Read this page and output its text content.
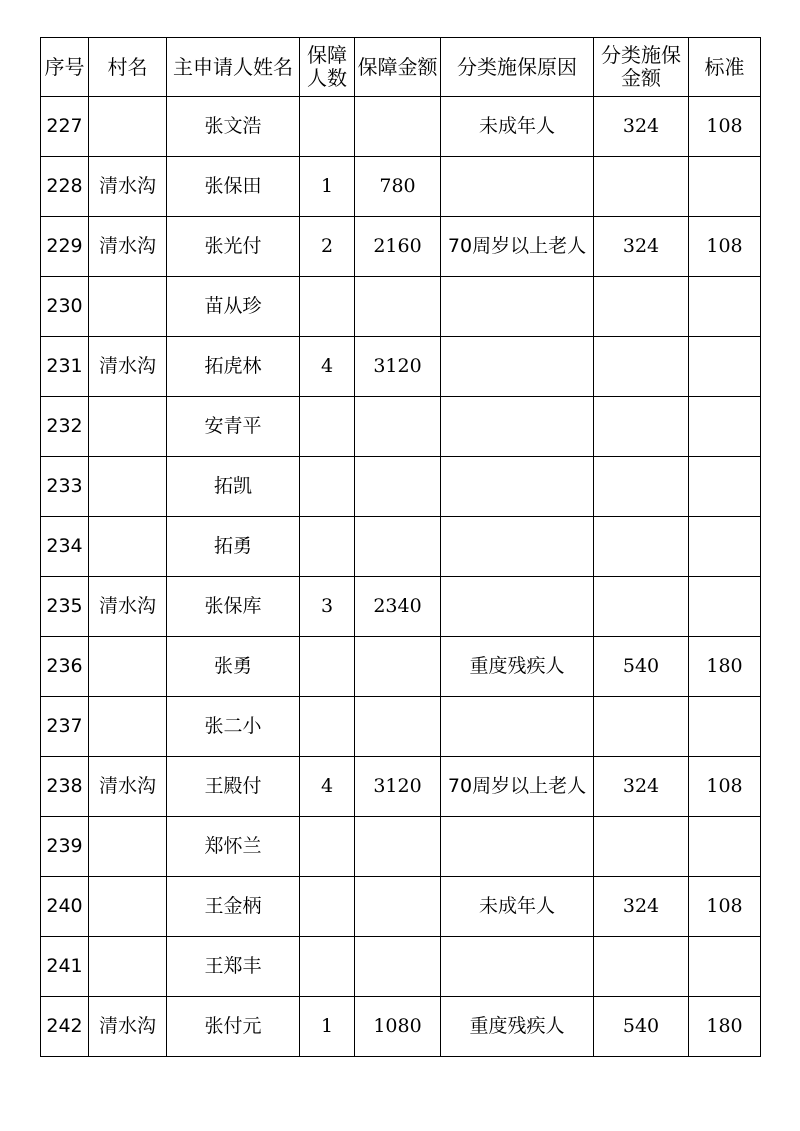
序号	村名	主申请人姓名	保障人数	保障金额	分类施保原因	分类施保金额	标准
227		张文浩			未成年人	324	108
228	清水沟	张保田	1	780			
229	清水沟	张光付	2	2160	70周岁以上老人	324	108
230		苗从珍					
231	清水沟	拓虎林	4	3120			
232		安青平					
233		拓凯					
234		拓勇					
235	清水沟	张保库	3	2340			
236		张勇			重度残疾人	540	180
237		张二小					
238	清水沟	王殿付	4	3120	70周岁以上老人	324	108
239		郑怀兰					
240		王金柄			未成年人	324	108
241		王郑丰					
242	清水沟	张付元	1	1080	重度残疾人	540	180
